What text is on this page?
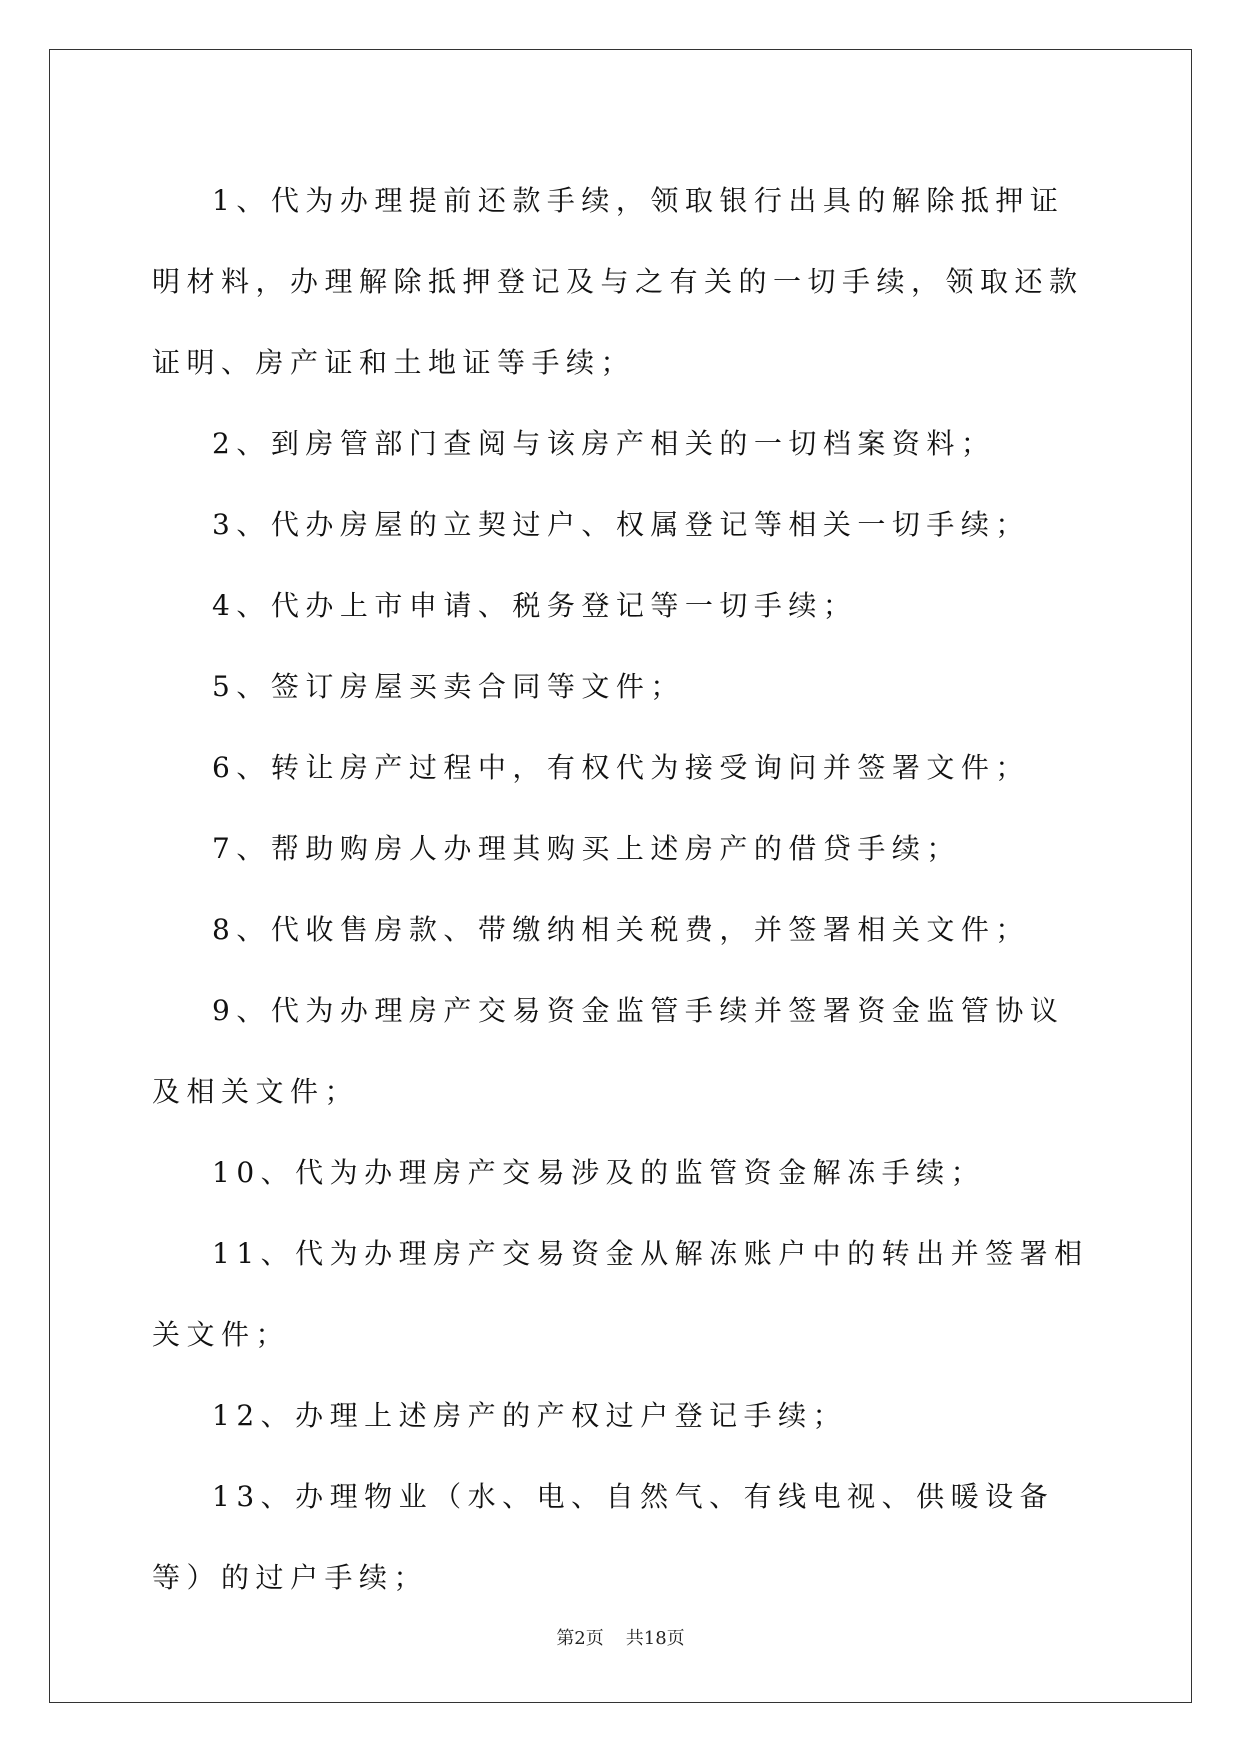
1、代为办理提前还款手续，领取银行出具的解除抵押证明材料，办理解除抵押登记及与之有关的一切手续，领取还款证明、房产证和土地证等手续；

2、到房管部门查阅与该房产相关的一切档案资料；

3、代办房屋的立契过户、权属登记等相关一切手续；

4、代办上市申请、税务登记等一切手续；

5、签订房屋买卖合同等文件；

6、转让房产过程中，有权代为接受询问并签署文件；

7、帮助购房人办理其购买上述房产的借贷手续；

8、代收售房款、带缴纳相关税费，并签署相关文件；

9、代为办理房产交易资金监管手续并签署资金监管协议及相关文件；

10、代为办理房产交易涉及的监管资金解冻手续；

11、代为办理房产交易资金从解冻账户中的转出并签署相关文件；

12、办理上述房产的产权过户登记手续；

13、办理物业（水、电、自然气、有线电视、供暖设备等）的过户手续；

第2页 共18页
